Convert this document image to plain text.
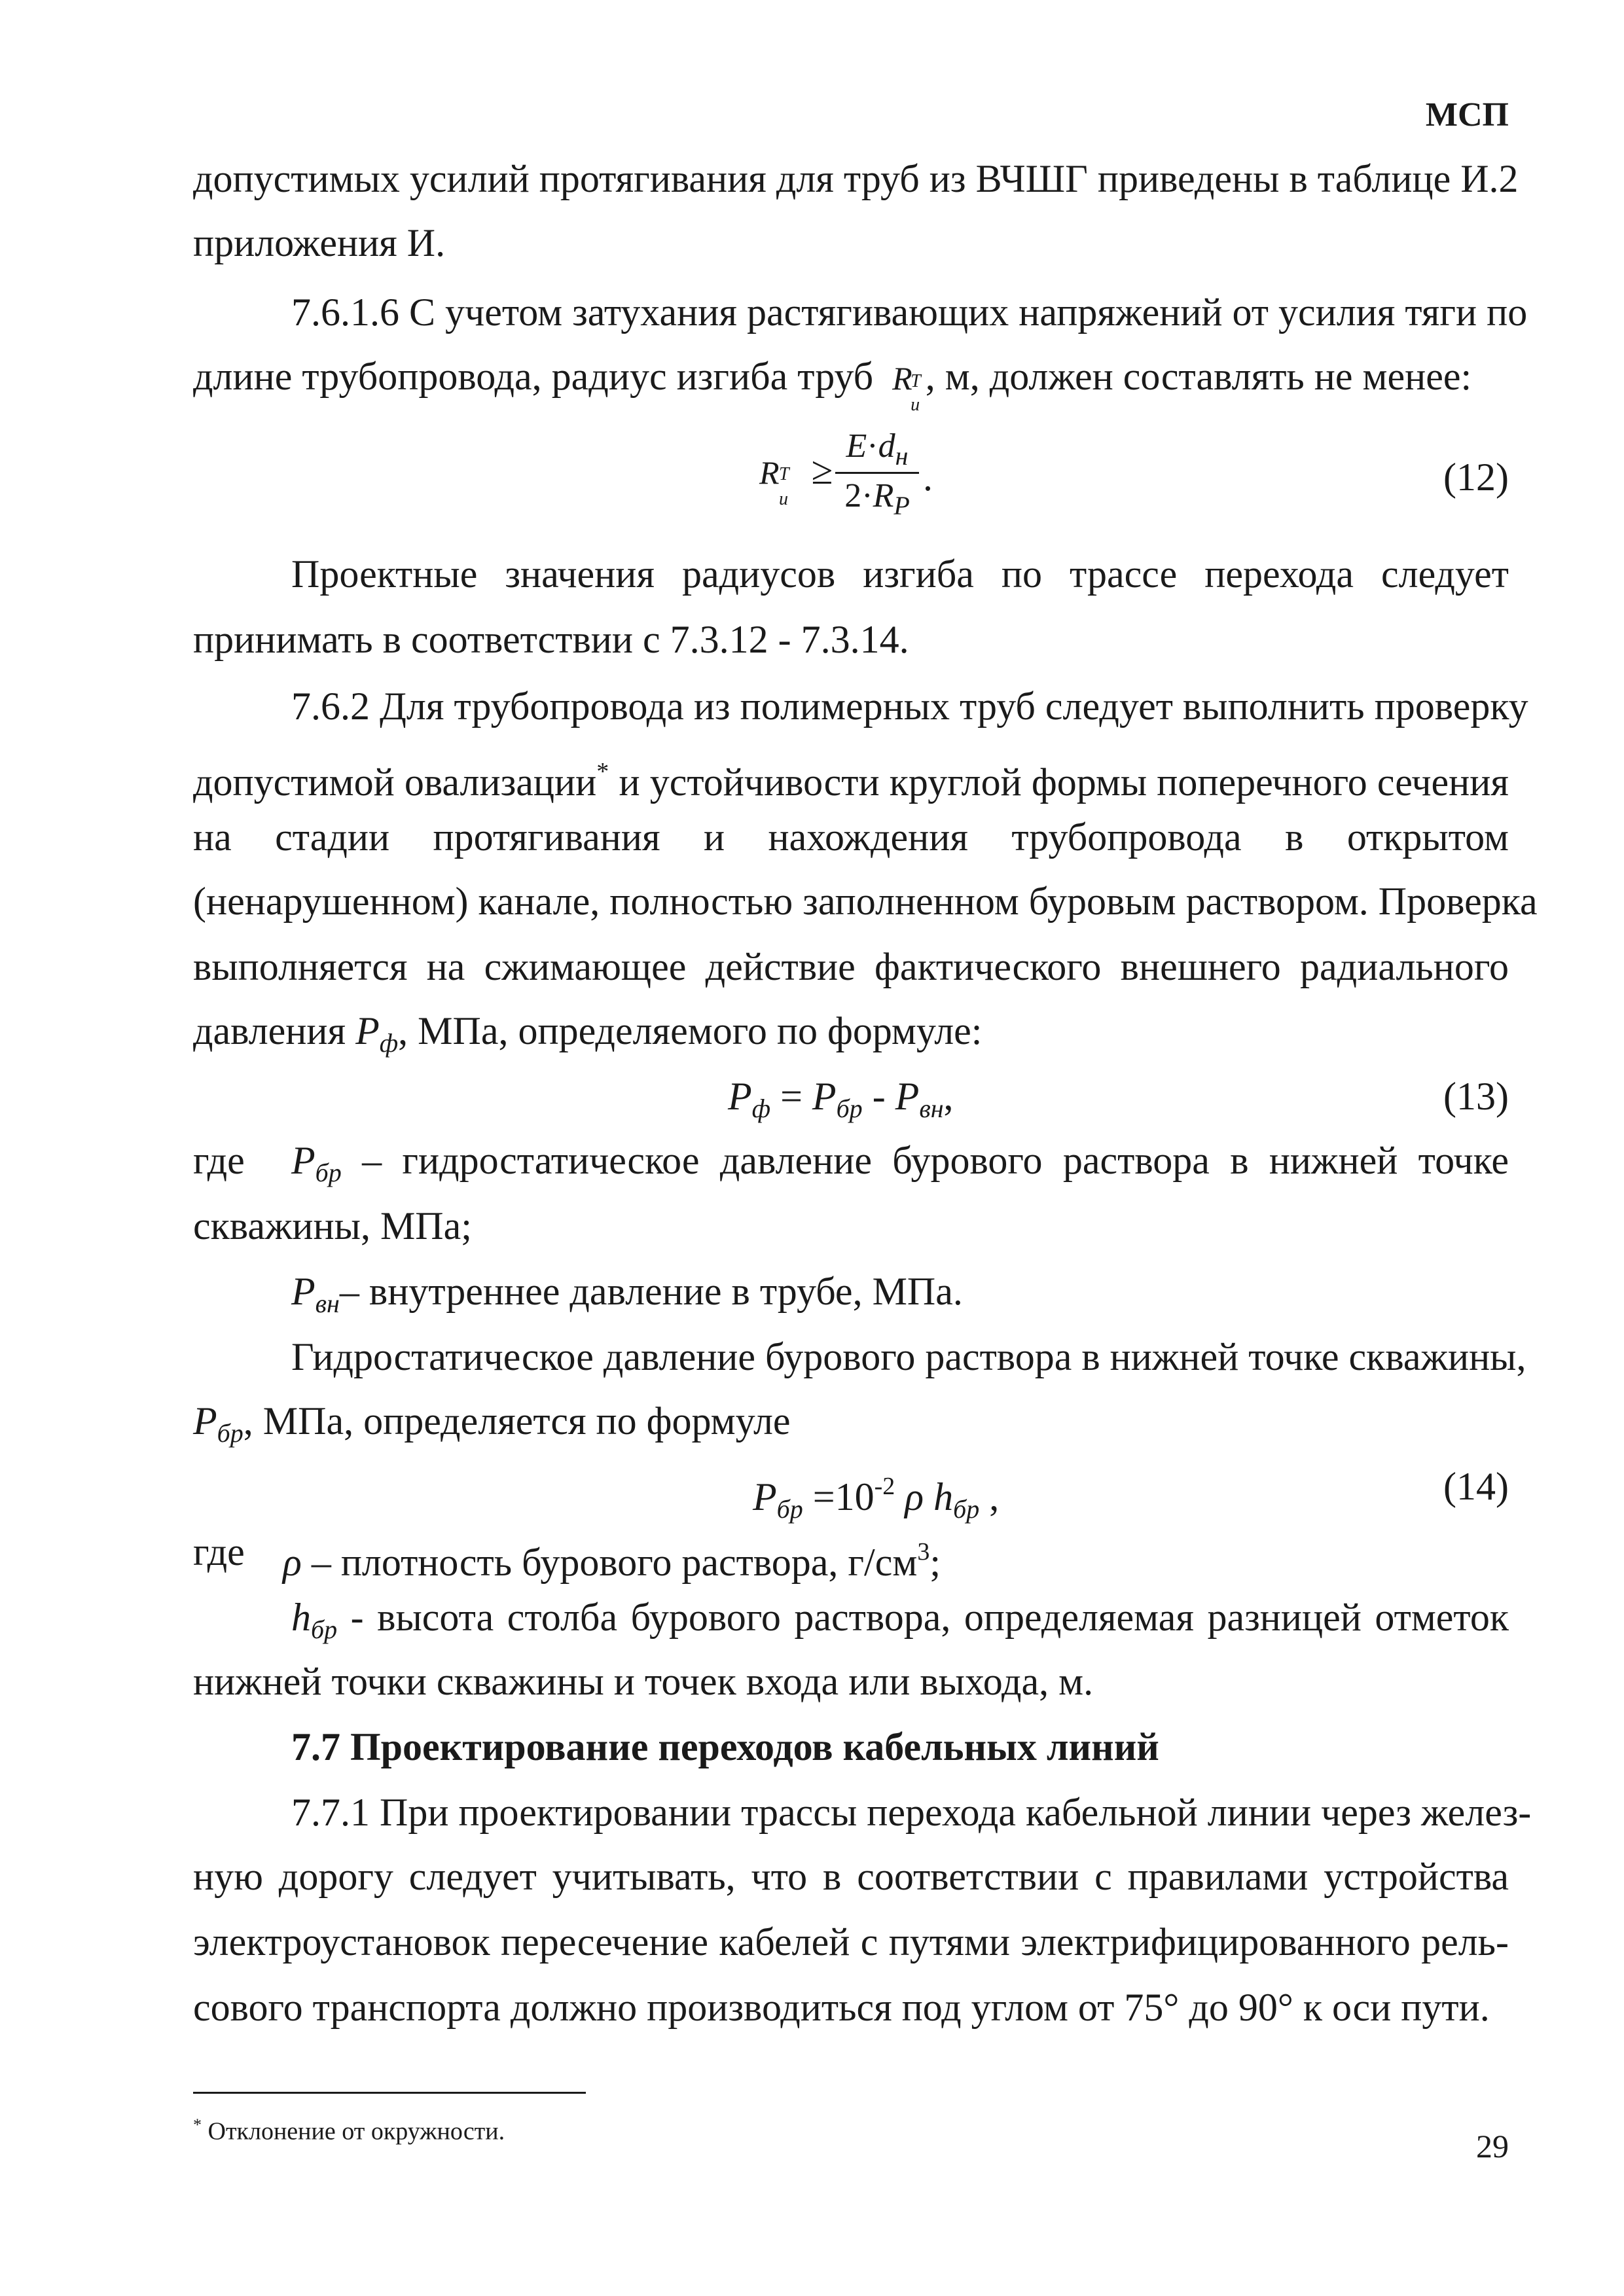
МСП
допустимых усилий протягивания для труб из ВЧШГ приведены в таблице И.2
приложения И.
7.6.1.6 С учетом затухания растягивающих напряжений от усилия тяги по
длине трубопровода, радиус изгиба труб R
T
и
, м, должен составлять не менее:
R T
и
≥
$E\cdot d_н$
$2\cdot R_P$
.	(12)
Проектные значения радиусов изгиба по трассе перехода следует
принимать в соответствии с 7.3.12 - 7.3.14.
7.6.2 Для трубопровода из полимерных труб следует выполнить проверку
допустимой овализации* и устойчивости круглой формы поперечного сечения
на стадии протягивания и нахождения трубопровода в открытом
(ненарушенном) канале, полностью заполненном буровым раствором. Проверка
выполняется на сжимающее действие фактического внешнего радиального
давления $P_ф$, МПа, определяемого по формуле:
$P_ф = P_{бр} - P_{вн}$,	(13)
где	$P_{бр}$ – гидростатическое давление бурового раствора в нижней точке
скважины, МПа;
$P_{вн}-$ внутреннее давление в трубе, МПа.
Гидростатическое давление бурового раствора в нижней точке скважины,
$P_{бр}$, МПа, определяется по формуле
$P_{бр} =10^{-2}$ ρ $h_{бр}$ ,	(14)
где ρ – плотность бурового раствора, $г/см^3$;
$h_{бр}$ - высота столба бурового раствора, определяемая разницей отметок
нижней точки скважины и точек входа или выхода, м.
7.7 Проектирование переходов кабельных линий
7.7.1 При проектировании трассы перехода кабельной линии через желез-
ную дорогу следует учитывать, что в соответствии с правилами устройства
электроустановок пересечение кабелей с путями электрифицированного рель-
сового транспорта должно производиться под углом от 75° до 90° к оси пути.
* Отклонение от окружности.	29
